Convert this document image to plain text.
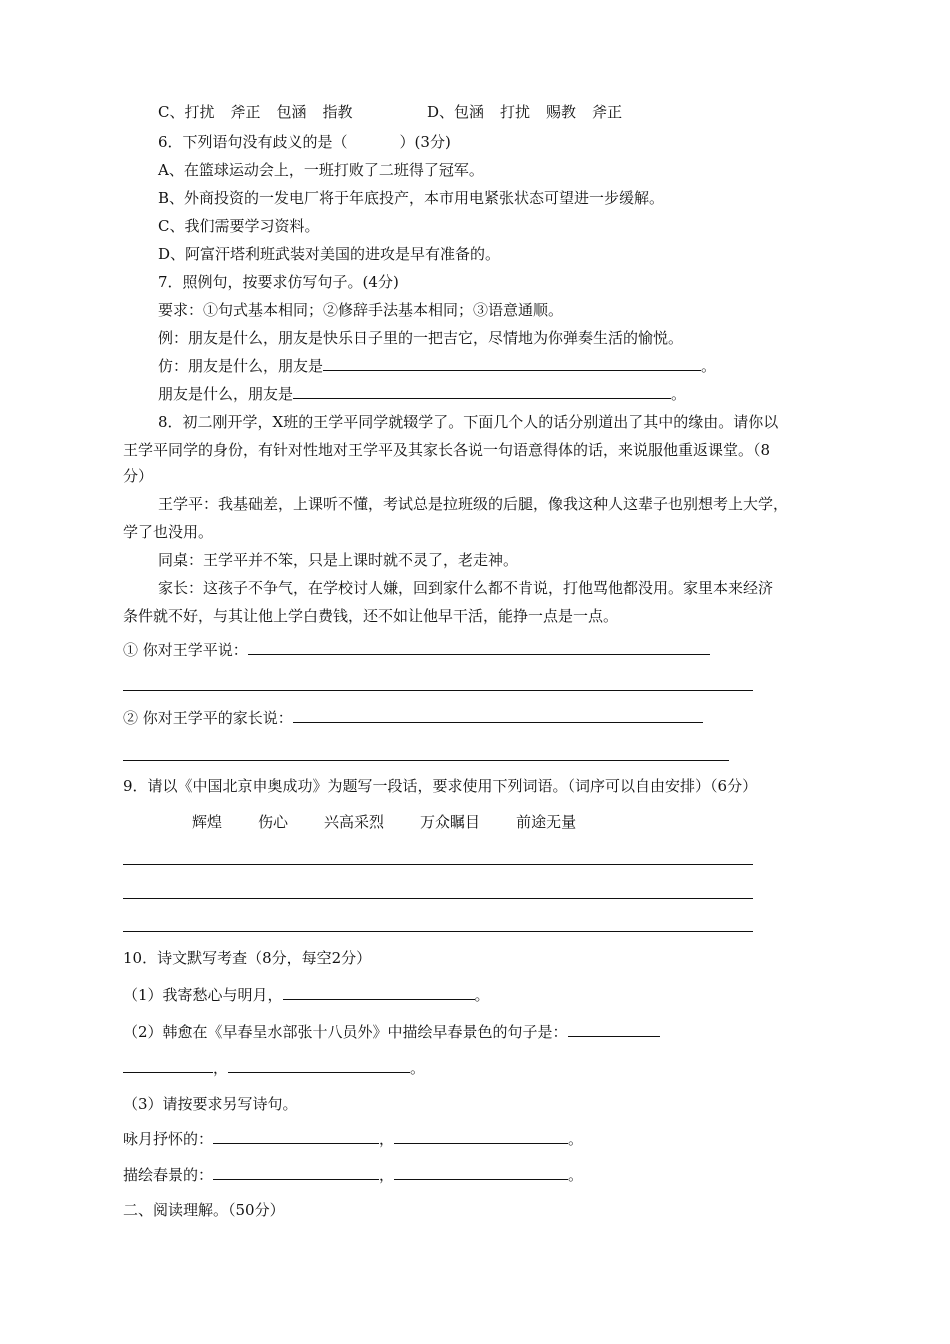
C、打扰 斧正 包涵 指教	D、包涵 打扰 赐教 斧正
6．下列语句没有歧义的是（	）(3分)
A、在篮球运动会上，一班打败了二班得了冠军。
B、外商投资的一发电厂将于年底投产，本市用电紧张状态可望进一步缓解。
C、我们需要学习资料。
D、阿富汗塔利班武装对美国的进攻是早有准备的。
7．照例句，按要求仿写句子。(4分)
要求：①句式基本相同；②修辞手法基本相同；③语意通顺。
例：朋友是什么，朋友是快乐日子里的一把吉它，尽情地为你弹奏生活的愉悦。
仿：朋友是什么，朋友是	。
朋友是什么，朋友是	。
8．初二刚开学，X班的王学平同学就辍学了。下面几个人的话分别道出了其中的缘由。请你以
王学平同学的身份，有针对性地对王学平及其家长各说一句语意得体的话，来说服他重返课堂。（8
分）
王学平：我基础差，上课听不懂，考试总是拉班级的后腿，像我这种人这辈子也别想考上大学，
学了也没用。
同桌：王学平并不笨，只是上课时就不灵了，老走神。
家长：这孩子不争气，在学校讨人嫌，回到家什么都不肯说，打他骂他都没用。家里本来经济
条件就不好，与其让他上学白费钱，还不如让他早干活，能挣一点是一点。
① 你对王学平说：
② 你对王学平的家长说：
9．请以《中国北京申奥成功》为题写一段话，要求使用下列词语。（词序可以自由安排）（6分）
辉煌 伤心 兴高采烈 万众瞩目 前途无量
10．诗文默写考查（8分，每空2分）
（1）我寄愁心与明月，	。
（2）韩愈在《早春呈水部张十八员外》中描绘早春景色的句子是：
，	。
（3）请按要求另写诗句。
咏月抒怀的：	，	。
描绘春景的：	，	。
二、阅读理解。（50分）
